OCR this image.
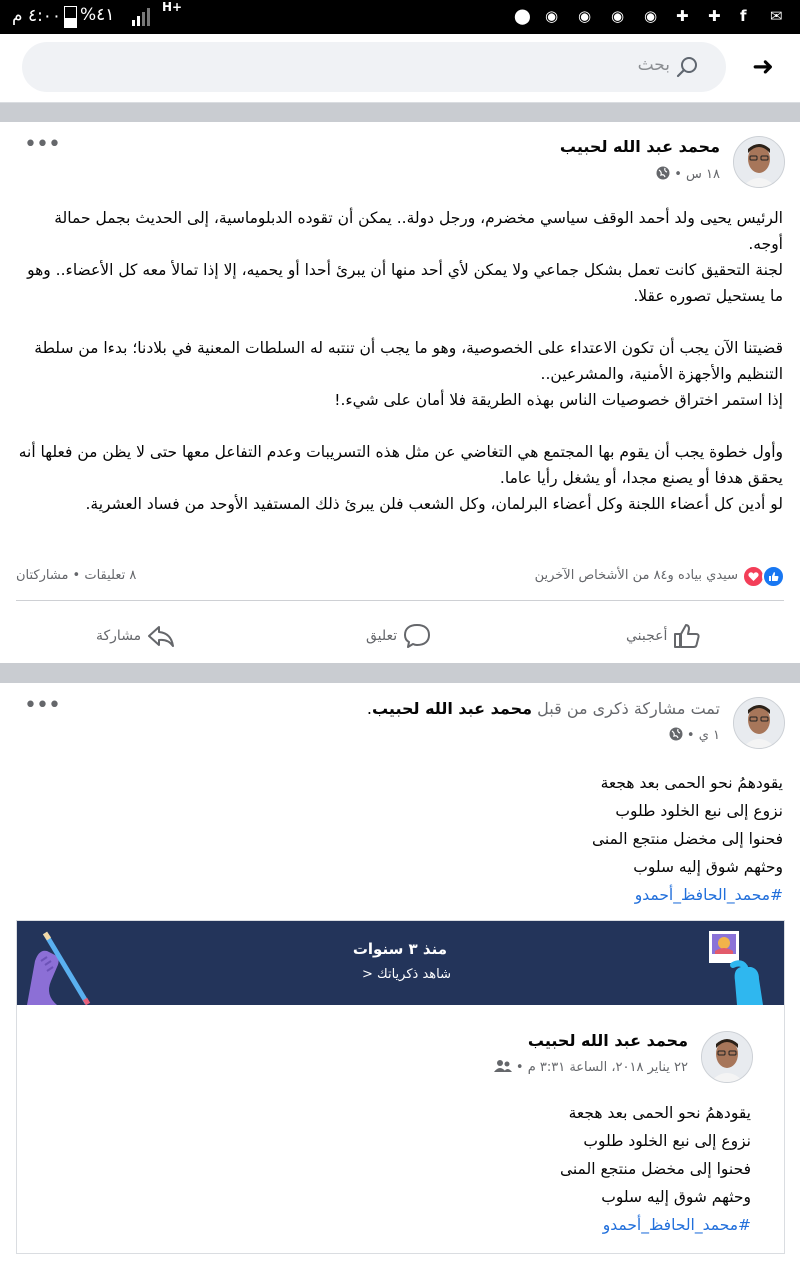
٤:٠٠ م ٤١%	H+	⬤ ◉ ◉ ◉ ◉ ✚ ✚ f ✉
➜
بحث
محمد عبد الله لحبيب
١٨ س •
•••

الرئيس يحيى ولد أحمد الوقف سياسي مخضرم، ورجل دولة.. يمكن أن تقوده الدبلوماسية، إلى الحديث بجمل حمالة أوجه.

لجنة التحقيق كانت تعمل بشكل جماعي ولا يمكن لأي أحد منها أن يبرئ أحدا أو يحميه، إلا إذا تمالأ معه كل الأعضاء.. وهو ما يستحيل تصوره عقلا.

قضيتنا الآن يجب أن تكون الاعتداء على الخصوصية، وهو ما يجب أن تنتبه له السلطات المعنية في بلادنا؛ بدءا من سلطة التنظيم والأجهزة الأمنية، والمشرعين..

إذا استمر اختراق خصوصيات الناس بهذه الطريقة فلا أمان على شيء.!

وأول خطوة يجب أن يقوم بها المجتمع هي التغاضي عن مثل هذه التسريبات وعدم التفاعل معها حتى لا يظن من فعلها أنه يحقق هدفا أو يصنع مجدا، أو يشغل رأيا عاما.

لو أدين كل أعضاء اللجنة وكل أعضاء البرلمان، وكل الشعب فلن يبرئ ذلك المستفيد الأوحد من فساد العشرية.

سيدي بياده و٨٤ من الأشخاص الآخرين
٨ تعليقات • مشاركتان
أعجبني
تعليق
مشاركة
تمت مشاركة ذكرى من قبل محمد عبد الله لحبيب.
١ ي •
•••

يقودهمُ نحو الحمى بعد هجعة

نزوع إلى نبع الخلود طلوب

فحنوا إلى مخضل منتجع المنى

وحثهم شوق إليه سلوب

#محمد_الحافظ_أحمدو

منذ ٣ سنوات
شاهد ذكرياتك <
محمد عبد الله لحبيب
٢٢ يناير ٢٠١٨، الساعة ٣:٣١ م •

يقودهمُ نحو الحمى بعد هجعة

نزوع إلى نبع الخلود طلوب

فحنوا إلى مخضل منتجع المنى

وحثهم شوق إليه سلوب

#محمد_الحافظ_أحمدو
